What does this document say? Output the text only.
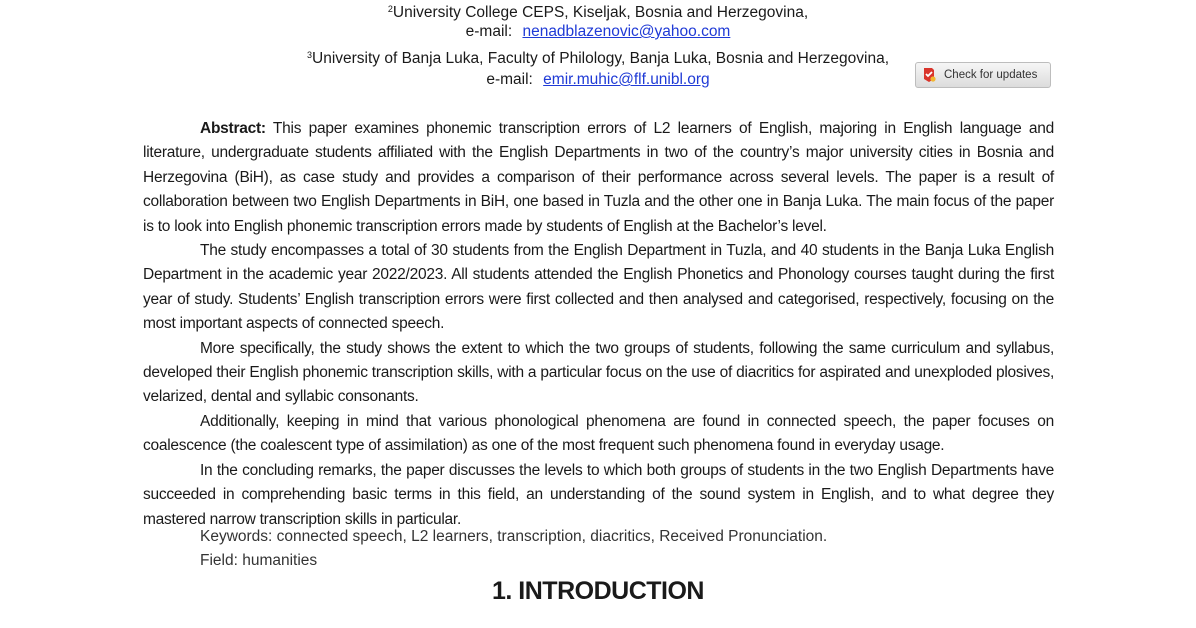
$^2$University College CEPS, Kiseljak, Bosnia and Herzegovina,
e-mail: nenadblazenovic@yahoo.com
$^3$University of Banja Luka, Faculty of Philology, Banja Luka, Bosnia and Herzegovina,
e-mail: emir.muhic@flf.unibl.org	Check for updates

Abstract: This paper examines phonemic transcription errors of L2 learners of English, majoring in English language and literature, undergraduate students affiliated with the English Departments in two of the country’s major university cities in Bosnia and Herzegovina (BiH), as case study and provides a comparison of their performance across several levels. The paper is a result of collaboration between two English Departments in BiH, one based in Tuzla and the other one in Banja Luka. The main focus of the paper is to look into English phonemic transcription errors made by students of English at the Bachelor’s level.

The study encompasses a total of 30 students from the English Department in Tuzla, and 40 students in the Banja Luka English Department in the academic year 2022/2023. All students attended the English Phonetics and Phonology courses taught during the first year of study. Students’ English transcription errors were first collected and then analysed and categorised, respectively, focusing on the most important aspects of connected speech.

More specifically, the study shows the extent to which the two groups of students, following the same curriculum and syllabus, developed their English phonemic transcription skills, with a particular focus on the use of diacritics for aspirated and unexploded plosives, velarized, dental and syllabic consonants.

Additionally, keeping in mind that various phonological phenomena are found in connected speech, the paper focuses on coalescence (the coalescent type of assimilation) as one of the most frequent such phenomena found in everyday usage.

In the concluding remarks, the paper discusses the levels to which both groups of students in the two English Departments have succeeded in comprehending basic terms in this field, an understanding of the sound system in English, and to what degree they mastered narrow transcription skills in particular.

Keywords: connected speech, L2 learners, transcription, diacritics, Received Pronunciation.
Field: humanities
1. INTRODUCTION
